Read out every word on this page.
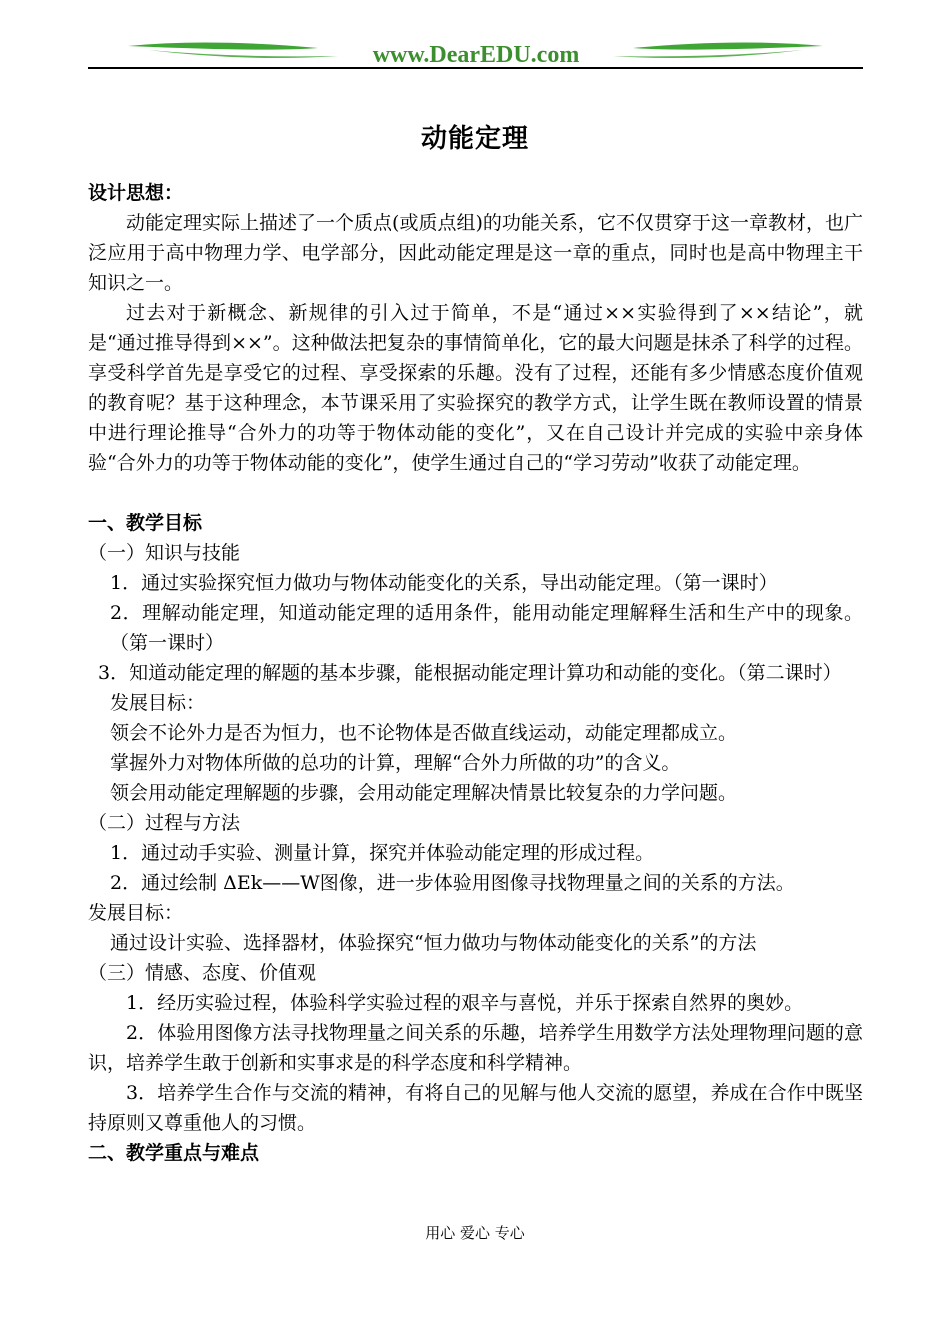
www.DearEDU.com
动能定理

设计思想：

动能定理实际上描述了一个质点(或质点组)的功能关系，它不仅贯穿于这一章教材，也广泛应用于高中物理力学、电学部分，因此动能定理是这一章的重点，同时也是高中物理主干知识之一。

过去对于新概念、新规律的引入过于简单，不是“通过××实验得到了××结论”，就是“通过推导得到××”。这种做法把复杂的事情简单化，它的最大问题是抹杀了科学的过程。享受科学首先是享受它的过程、享受探索的乐趣。没有了过程，还能有多少情感态度价值观的教育呢？基于这种理念，本节课采用了实验探究的教学方式，让学生既在教师设置的情景中进行理论推导“合外力的功等于物体动能的变化”，又在自己设计并完成的实验中亲身体验“合外力的功等于物体动能的变化”，使学生通过自己的“学习劳动”收获了动能定理。

一、教学目标

（一）知识与技能

1．通过实验探究恒力做功与物体动能变化的关系，导出动能定理。（第一课时）

2．理解动能定理，知道动能定理的适用条件，能用动能定理解释生活和生产中的现象。（第一课时）

3．知道动能定理的解题的基本步骤，能根据动能定理计算功和动能的变化。（第二课时）

发展目标：

领会不论外力是否为恒力，也不论物体是否做直线运动，动能定理都成立。

掌握外力对物体所做的总功的计算，理解“合外力所做的功”的含义。

领会用动能定理解题的步骤，会用动能定理解决情景比较复杂的力学问题。

（二）过程与方法

1．通过动手实验、测量计算，探究并体验动能定理的形成过程。

2．通过绘制 ΔEk——W图像，进一步体验用图像寻找物理量之间的关系的方法。

发展目标：

通过设计实验、选择器材，体验探究“恒力做功与物体动能变化的关系”的方法

（三）情感、态度、价值观

1．经历实验过程，体验科学实验过程的艰辛与喜悦，并乐于探索自然界的奥妙。

2．体验用图像方法寻找物理量之间关系的乐趣，培养学生用数学方法处理物理问题的意识，培养学生敢于创新和实事求是的科学态度和科学精神。

3．培养学生合作与交流的精神，有将自己的见解与他人交流的愿望，养成在合作中既坚持原则又尊重他人的习惯。

二、教学重点与难点

用心 爱心 专心
